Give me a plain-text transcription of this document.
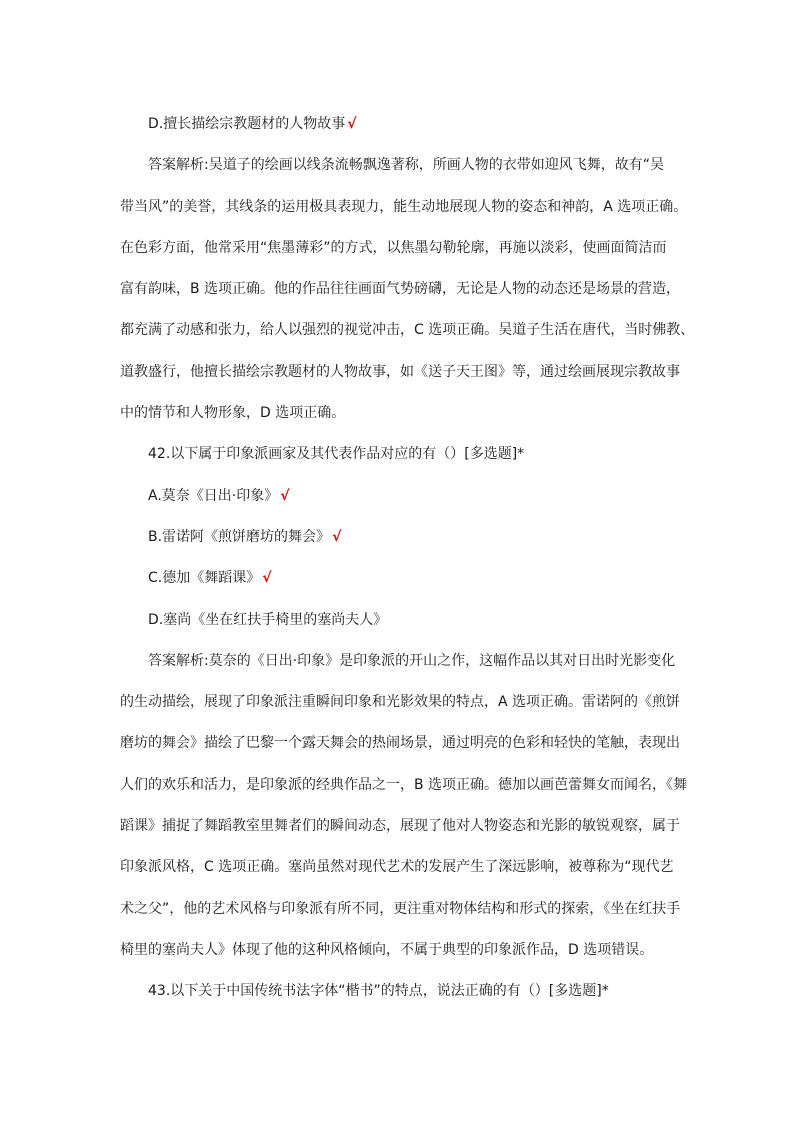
D.擅长描绘宗教题材的人物故事 √
答案解析:吴道子的绘画以线条流畅飘逸著称，所画人物的衣带如迎风飞舞，故有“吴
带当风”的美誉，其线条的运用极具表现力，能生动地展现人物的姿态和神韵，A 选项正确。
在色彩方面，他常采用“焦墨薄彩”的方式，以焦墨勾勒轮廓，再施以淡彩，使画面简洁而
富有韵味，B 选项正确。他的作品往往画面气势磅礴，无论是人物的动态还是场景的营造，
都充满了动感和张力，给人以强烈的视觉冲击，C 选项正确。吴道子生活在唐代，当时佛教、
道教盛行，他擅长描绘宗教题材的人物故事，如《送子天王图》等，通过绘画展现宗教故事
中的情节和人物形象，D 选项正确。
42.以下属于印象派画家及其代表作品对应的有（）[多选题]*
A.莫奈《日出·印象》 √
B.雷诺阿《煎饼磨坊的舞会》 √
C.德加《舞蹈课》 √
D.塞尚《坐在红扶手椅里的塞尚夫人》
答案解析:莫奈的《日出·印象》是印象派的开山之作，这幅作品以其对日出时光影变化
的生动描绘，展现了印象派注重瞬间印象和光影效果的特点，A 选项正确。雷诺阿的《煎饼
磨坊的舞会》描绘了巴黎一个露天舞会的热闹场景，通过明亮的色彩和轻快的笔触，表现出
人们的欢乐和活力，是印象派的经典作品之一，B 选项正确。德加以画芭蕾舞女而闻名，《舞
蹈课》捕捉了舞蹈教室里舞者们的瞬间动态，展现了他对人物姿态和光影的敏锐观察，属于
印象派风格，C 选项正确。塞尚虽然对现代艺术的发展产生了深远影响，被尊称为“现代艺
术之父”，他的艺术风格与印象派有所不同，更注重对物体结构和形式的探索，《坐在红扶手
椅里的塞尚夫人》体现了他的这种风格倾向，不属于典型的印象派作品，D 选项错误。
43.以下关于中国传统书法字体“楷书”的特点，说法正确的有（）[多选题]*
